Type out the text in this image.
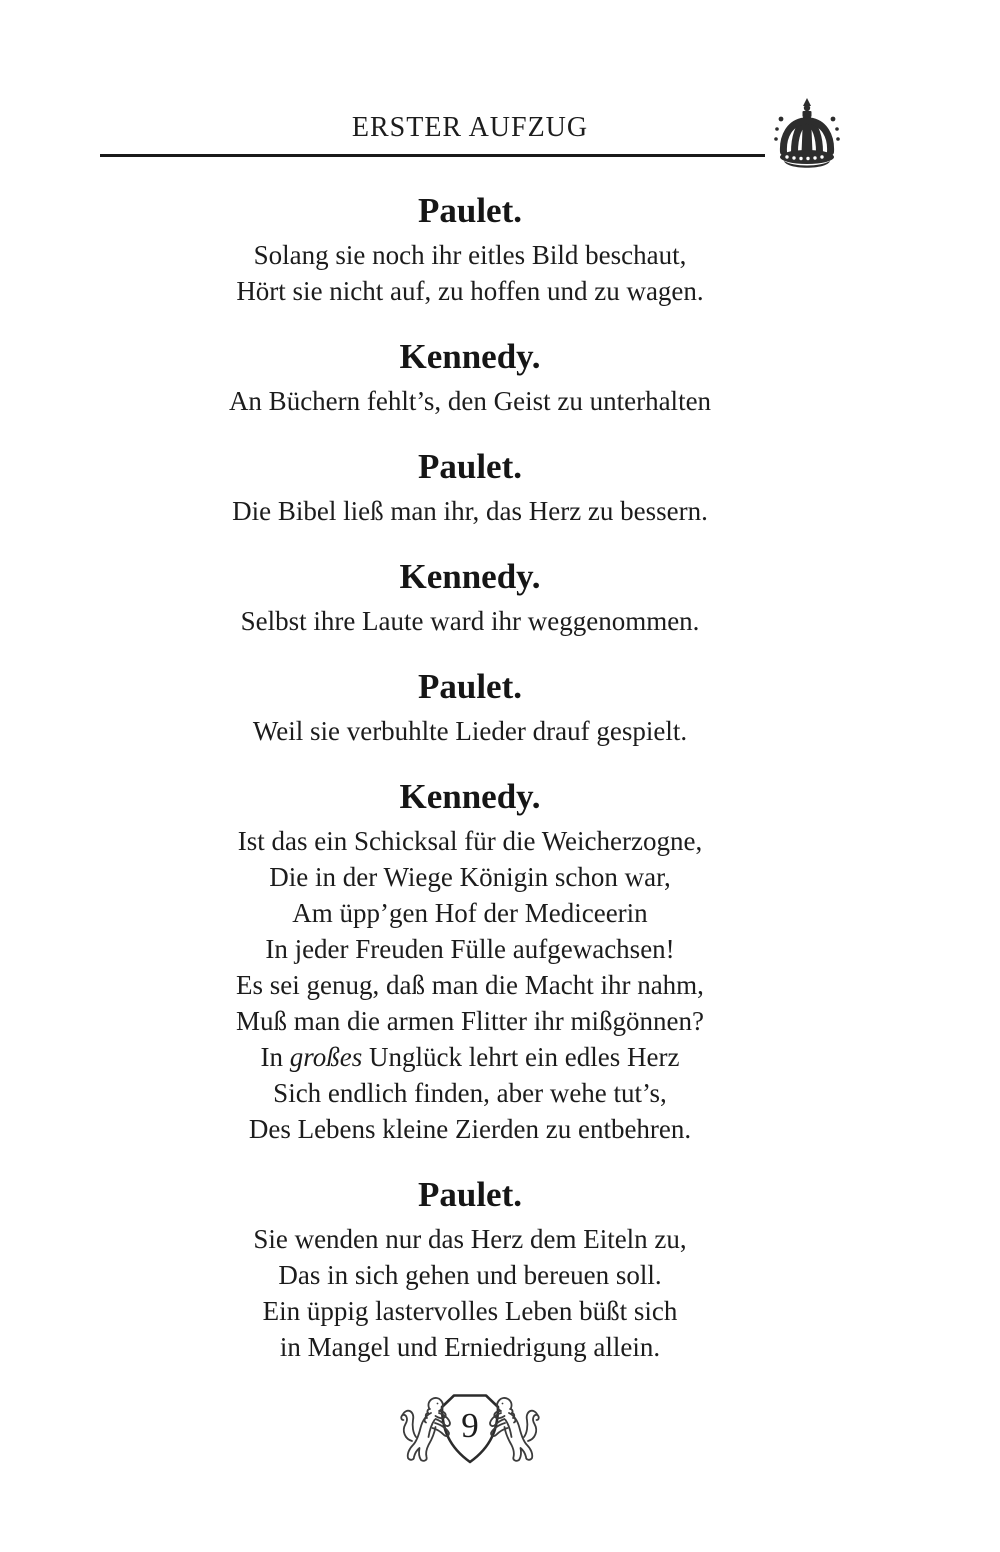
ERSTER AUFZUG
Paulet.
Solang sie noch ihr eitles Bild beschaut,
Hört sie nicht auf, zu hoffen und zu wagen.
Kennedy.
An Büchern fehlt’s, den Geist zu unterhalten
Paulet.
Die Bibel ließ man ihr, das Herz zu bessern.
Kennedy.
Selbst ihre Laute ward ihr weggenommen.
Paulet.
Weil sie verbuhlte Lieder drauf gespielt.
Kennedy.
Ist das ein Schicksal für die Weicherzogne,
Die in der Wiege Königin schon war,
Am üpp’gen Hof der Mediceerin
In jeder Freuden Fülle aufgewachsen!
Es sei genug, daß man die Macht ihr nahm,
Muß man die armen Flitter ihr mißgönnen?
In großes Unglück lehrt ein edles Herz
Sich endlich finden, aber wehe tut’s,
Des Lebens kleine Zierden zu entbehren.
Paulet.
Sie wenden nur das Herz dem Eiteln zu,
Das in sich gehen und bereuen soll.
Ein üppig lastervolles Leben büßt sich
in Mangel und Erniedrigung allein.
9
